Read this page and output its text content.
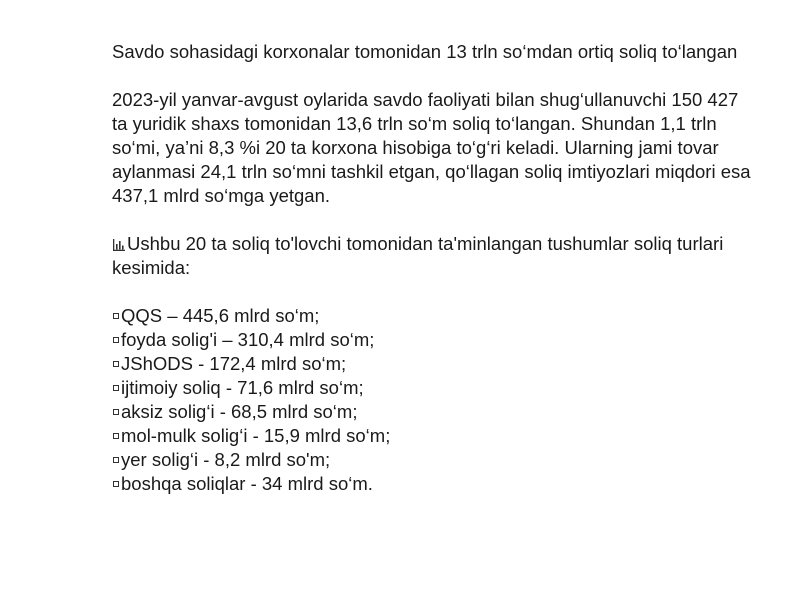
Savdo sohasidagi korxonalar tomonidan 13 trln so‘mdan ortiq soliq to‘langan

2023-yil yanvar-avgust oylarida savdo faoliyati bilan shug‘ullanuvchi 150 427 ta yuridik shaxs tomonidan 13,6 trln so‘m soliq to‘langan. Shundan 1,1 trln so‘mi, ya’ni 8,3 %i 20 ta korxona hisobiga to‘g‘ri keladi. Ularning jami tovar aylanmasi 24,1 trln so‘mni tashkil etgan, qo‘llagan soliq imtiyozlari miqdori esa 437,1 mlrd so‘mga yetgan.

Ushbu 20 ta soliq to'lovchi tomonidan ta'minlangan tushumlar soliq turlari kesimida:

QQS – 445,6 mlrd so‘m;
foyda solig'i – 310,4 mlrd so‘m;
JShODS - 172,4 mlrd so‘m;
ijtimoiy soliq - 71,6 mlrd so‘m;
aksiz solig‘i - 68,5 mlrd so‘m;
mol-mulk solig‘i - 15,9 mlrd so‘m;
yer solig‘i - 8,2 mlrd so'm;
boshqa soliqlar - 34 mlrd so‘m.
